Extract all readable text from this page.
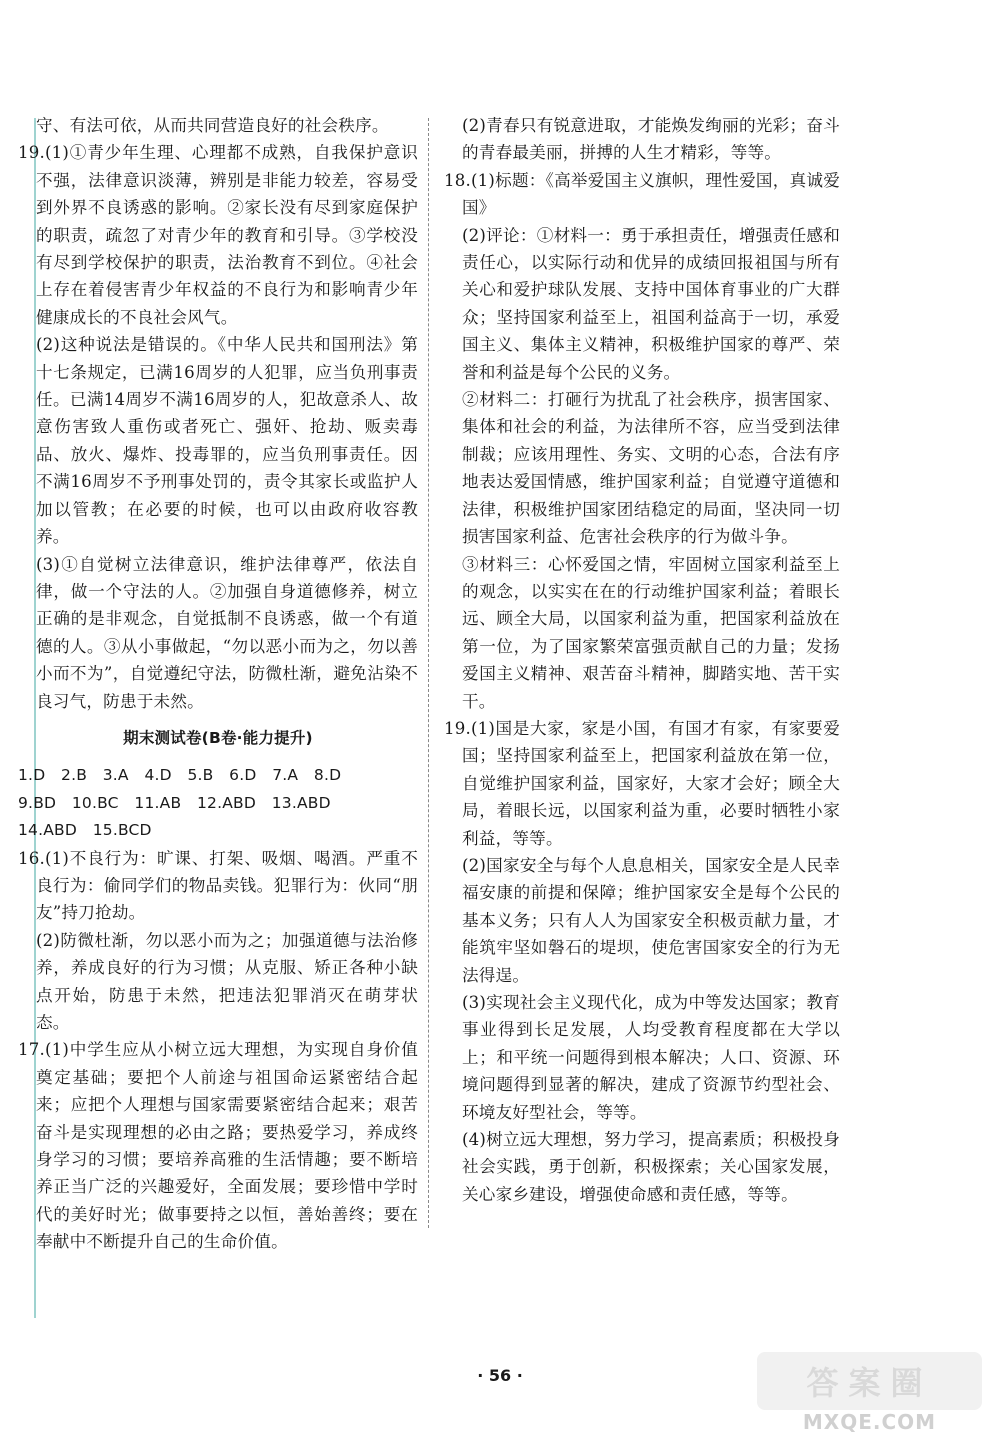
守、有法可依，从而共同营造良好的社会秩序。

19.(1)①青少年生理、心理都不成熟，自我保护意识不强，法律意识淡薄，辨别是非能力较差，容易受到外界不良诱惑的影响。②家长没有尽到家庭保护的职责，疏忽了对青少年的教育和引导。③学校没有尽到学校保护的职责，法治教育不到位。④社会上存在着侵害青少年权益的不良行为和影响青少年健康成长的不良社会风气。

(2)这种说法是错误的。《中华人民共和国刑法》第十七条规定，已满16周岁的人犯罪，应当负刑事责任。已满14周岁不满16周岁的人，犯故意杀人、故意伤害致人重伤或者死亡、强奸、抢劫、贩卖毒品、放火、爆炸、投毒罪的，应当负刑事责任。因不满16周岁不予刑事处罚的，责令其家长或监护人加以管教；在必要的时候，也可以由政府收容教养。

(3)①自觉树立法律意识，维护法律尊严，依法自律，做一个守法的人。②加强自身道德修养，树立正确的是非观念，自觉抵制不良诱惑，做一个有道德的人。③从小事做起，“勿以恶小而为之，勿以善小而不为”，自觉遵纪守法，防微杜渐，避免沾染不良习气，防患于未然。

期末测试卷(B卷·能力提升)

1.D　2.B　3.A　4.D　5.B　6.D　7.A　8.D

9.BD　10.BC　11.AB　12.ABD　13.ABD

14.ABD　15.BCD

16.(1)不良行为：旷课、打架、吸烟、喝酒。严重不良行为：偷同学们的物品卖钱。犯罪行为：伙同“朋友”持刀抢劫。

(2)防微杜渐，勿以恶小而为之；加强道德与法治修养，养成良好的行为习惯；从克服、矫正各种小缺点开始，防患于未然，把违法犯罪消灭在萌芽状态。

17.(1)中学生应从小树立远大理想，为实现自身价值奠定基础；要把个人前途与祖国命运紧密结合起来；应把个人理想与国家需要紧密结合起来；艰苦奋斗是实现理想的必由之路；要热爱学习，养成终身学习的习惯；要培养高雅的生活情趣；要不断培养正当广泛的兴趣爱好，全面发展；要珍惜中学时代的美好时光；做事要持之以恒，善始善终；要在奉献中不断提升自己的生命价值。

(2)青春只有锐意进取，才能焕发绚丽的光彩；奋斗的青春最美丽，拼搏的人生才精彩，等等。

18.(1)标题：《高举爱国主义旗帜，理性爱国，真诚爱国》

(2)评论：①材料一：勇于承担责任，增强责任感和责任心，以实际行动和优异的成绩回报祖国与所有关心和爱护球队发展、支持中国体育事业的广大群众；坚持国家利益至上，祖国利益高于一切，承爱国主义、集体主义精神，积极维护国家的尊严、荣誉和利益是每个公民的义务。

②材料二：打砸行为扰乱了社会秩序，损害国家、集体和社会的利益，为法律所不容，应当受到法律制裁；应该用理性、务实、文明的心态，合法有序地表达爱国情感，维护国家利益；自觉遵守道德和法律，积极维护国家团结稳定的局面，坚决同一切损害国家利益、危害社会秩序的行为做斗争。

③材料三：心怀爱国之情，牢固树立国家利益至上的观念，以实实在在的行动维护国家利益；着眼长远、顾全大局，以国家利益为重，把国家利益放在第一位，为了国家繁荣富强贡献自己的力量；发扬爱国主义精神、艰苦奋斗精神，脚踏实地、苦干实干。

19.(1)国是大家，家是小国，有国才有家，有家要爱国；坚持国家利益至上，把国家利益放在第一位，自觉维护国家利益，国家好，大家才会好；顾全大局，着眼长远，以国家利益为重，必要时牺牲小家利益，等等。

(2)国家安全与每个人息息相关，国家安全是人民幸福安康的前提和保障；维护国家安全是每个公民的基本义务；只有人人为国家安全积极贡献力量，才能筑牢坚如磐石的堤坝，使危害国家安全的行为无法得逞。

(3)实现社会主义现代化，成为中等发达国家；教育事业得到长足发展，人均受教育程度都在大学以上；和平统一问题得到根本解决；人口、资源、环境问题得到显著的解决，建成了资源节约型社会、环境友好型社会，等等。

(4)树立远大理想，努力学习，提高素质；积极投身社会实践，勇于创新，积极探索；关心国家发展，关心家乡建设，增强使命感和责任感，等等。

· 56 ·	答案圈
MXQE.COM
